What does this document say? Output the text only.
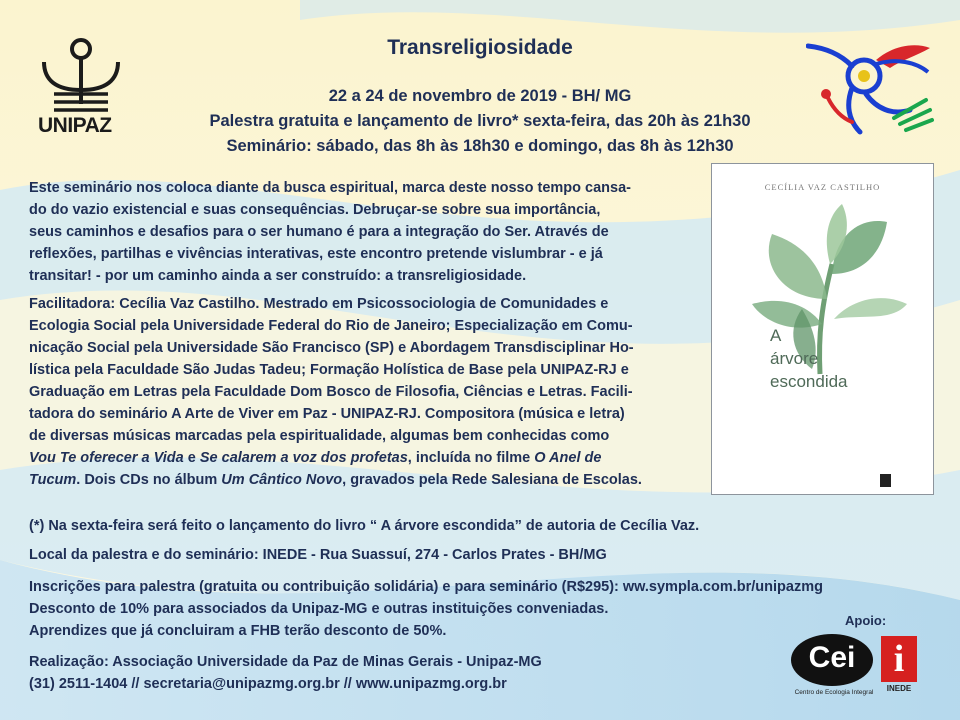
UNIPAZ
Transreligiosidade
22 a 24 de novembro de 2019 - BH/ MG
Palestra gratuita e lançamento de livro* sexta-feira, das 20h às 21h30
Seminário: sábado, das 8h às 18h30 e domingo, das 8h às 12h30
Este seminário nos coloca diante da busca espiritual, marca deste nosso tempo cansa-
do do vazio existencial e suas consequências. Debruçar-se sobre sua importância,
seus caminhos e desafios para o ser humano é para a integração do Ser. Através de
reflexões, partilhas e vivências interativas, este encontro pretende vislumbrar - e já
transitar! - por um caminho ainda a ser construído: a transreligiosidade.
Facilitadora: Cecília Vaz Castilho. Mestrado em Psicossociologia de Comunidades e
Ecologia Social pela Universidade Federal do Rio de Janeiro; Especialização em Comu-
nicação Social pela Universidade São Francisco (SP) e Abordagem Transdisciplinar Ho-
lística pela Faculdade São Judas Tadeu; Formação Holística de Base pela UNIPAZ-RJ e
Graduação em Letras pela Faculdade Dom Bosco de Filosofia, Ciências e Letras. Facili-
tadora do seminário A Arte de Viver em Paz - UNIPAZ-RJ. Compositora (música e letra)
de diversas músicas marcadas pela espiritualidade, algumas bem conhecidas como
Vou Te oferecer a Vida e Se calarem a voz dos profetas, incluída no filme O Anel de
Tucum. Dois CDs no álbum Um Cântico Novo, gravados pela Rede Salesiana de Escolas.
CECÍLIA VAZ CASTILHO
A
árvore
escondida
(*) Na sexta-feira será feito o lançamento do livro “ A árvore escondida” de autoria de Cecília Vaz.
Local da palestra e do seminário: INEDE - Rua Suassuí, 274 - Carlos Prates - BH/MG
Inscrições para palestra (gratuita ou contribuição solidária) e para seminário (R$295): ww.sympla.com.br/unipazmg
Desconto de 10% para associados da Unipaz-MG e outras instituições conveniadas.
Aprendizes que já concluiram a FHB terão desconto de 50%.
Realização: Associação Universidade da Paz de Minas Gerais - Unipaz-MG
(31) 2511-1404 // secretaria@unipazmg.org.br // www.unipazmg.org.br
Apoio:
Cei
Centro de Ecologia Integral
i
INEDE
